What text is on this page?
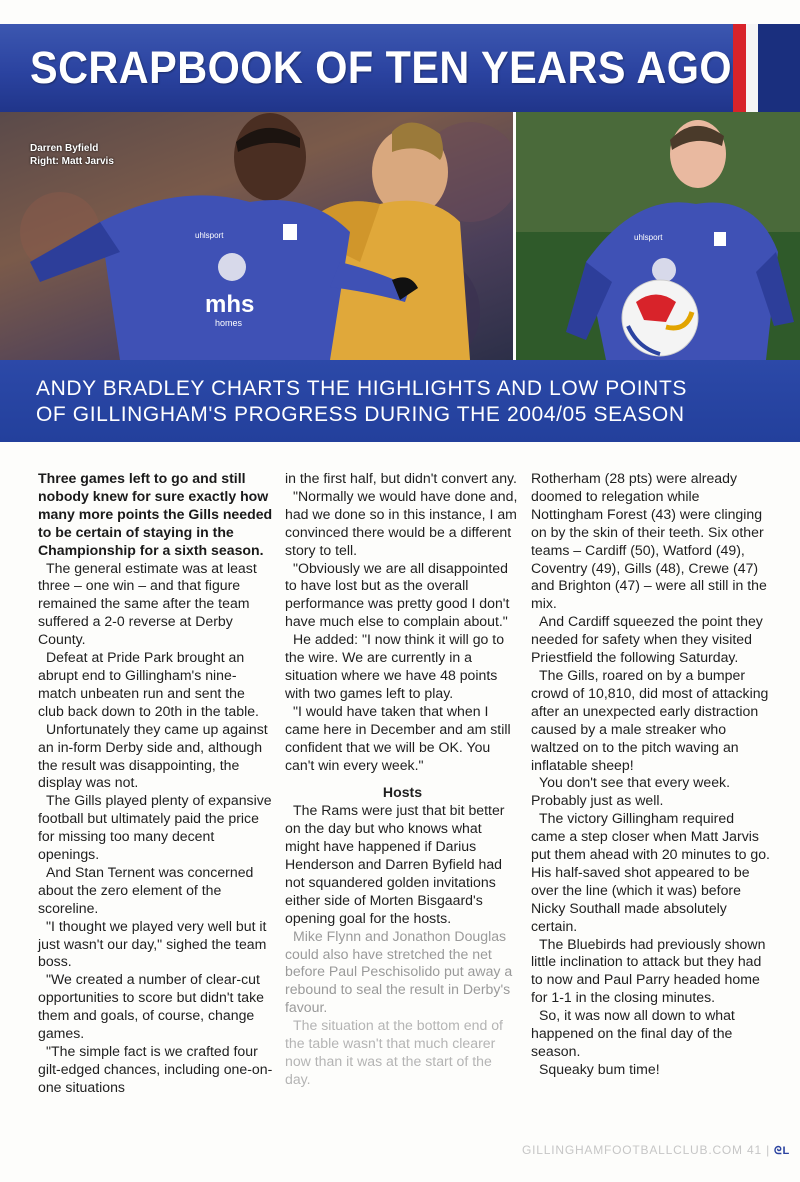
SCRAPBOOK OF TEN YEARS AGO
Darren Byfield
Right: Matt Jarvis
mhs
homes
uhlsport	uhlsport

ANDY BRADLEY CHARTS THE HIGHLIGHTS AND LOW POINTS

OF GILLINGHAM'S PROGRESS DURING THE 2004/05 SEASON

Three games left to go and still nobody knew for sure exactly how many more points the Gills needed to be certain of staying in the Championship for a sixth season.

The general estimate was at least three – one win – and that figure remained the same after the team suffered a 2-0 reverse at Derby County.

Defeat at Pride Park brought an abrupt end to Gillingham's nine-match unbeaten run and sent the club back down to 20th in the table.

Unfortunately they came up against an in-form Derby side and, although the result was disappointing, the display was not.

The Gills played plenty of expansive football but ultimately paid the price for missing too many decent openings.

And Stan Ternent was concerned about the zero element of the scoreline.

"I thought we played very well but it just wasn't our day," sighed the team boss.

"We created a number of clear-cut opportunities to score but didn't take them and goals, of course, change games.

"The simple fact is we crafted four gilt-edged chances, including one-on-one situations

in the first half, but didn't convert any.

"Normally we would have done and, had we done so in this instance, I am convinced there would be a different story to tell.

"Obviously we are all disappointed to have lost but as the overall performance was pretty good I don't have much else to complain about."

He added: "I now think it will go to the wire. We are currently in a situation where we have 48 points with two games left to play.

"I would have taken that when I came here in December and am still confident that we will be OK. You can't win every week."

Hosts

The Rams were just that bit better on the day but who knows what might have happened if Darius Henderson and Darren Byfield had not squandered golden invitations either side of Morten Bisgaard's opening goal for the hosts.

Mike Flynn and Jonathon Douglas could also have stretched the net before Paul Peschisolido put away a rebound to seal the result in Derby's favour.

The situation at the bottom end of the table wasn't that much clearer now than it was at the start of the day.

Rotherham (28 pts) were already doomed to relegation while Nottingham Forest (43) were clinging on by the skin of their teeth. Six other teams – Cardiff (50), Watford (49), Coventry (49), Gills (48), Crewe (47) and Brighton (47) – were all still in the mix.

And Cardiff squeezed the point they needed for safety when they visited Priestfield the following Saturday.

The Gills, roared on by a bumper crowd of 10,810, did most of attacking after an unexpected early distraction caused by a male streaker who waltzed on to the pitch waving an inflatable sheep!

You don't see that every week. Probably just as well.

The victory Gillingham required came a step closer when Matt Jarvis put them ahead with 20 minutes to go. His half-saved shot appeared to be over the line (which it was) before Nicky Southall made absolutely certain.

The Bluebirds had previously shown little inclination to attack but they had to now and Paul Parry headed home for 1-1 in the closing minutes.

So, it was now all down to what happened on the final day of the season.

Squeaky bum time!

GILLINGHAMFOOTBALLCLUB.COM 41 | ᘓL
